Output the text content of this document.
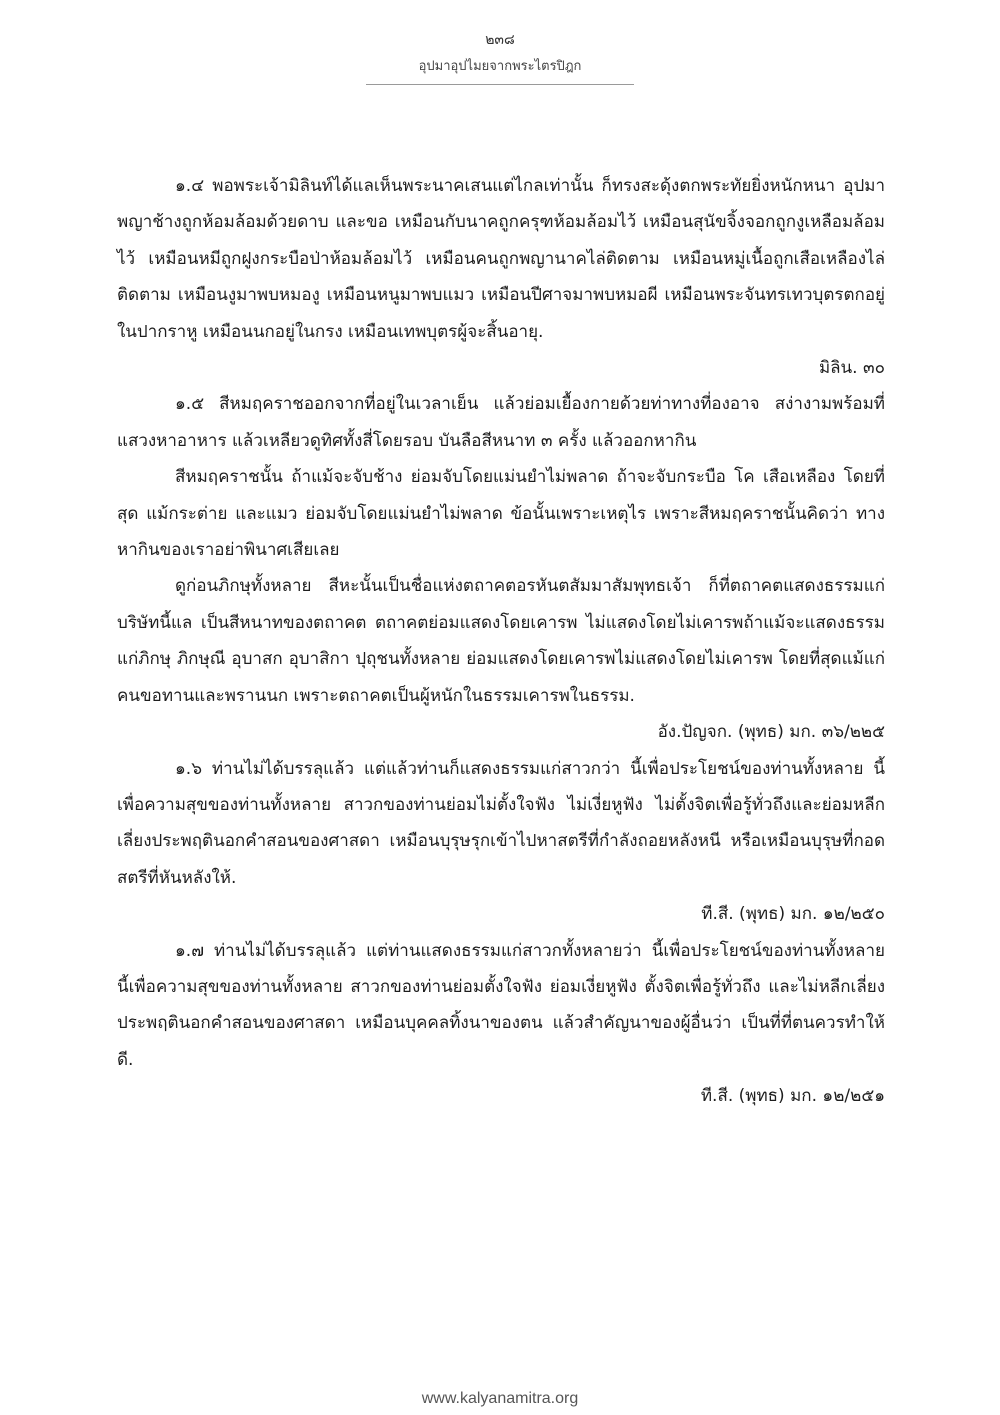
๒๓๘
อุปมาอุปไมยจากพระไตรปิฎก

๑.๔ พอพระเจ้ามิลินท์ได้แลเห็นพระนาคเสนแต่ไกลเท่านั้น ก็ทรงสะดุ้งตกพระทัยยิ่งหนักหนา อุปมาพญาช้างถูกห้อมล้อมด้วยดาบ และขอ เหมือนกับนาคถูกครุฑห้อมล้อมไว้ เหมือนสุนัขจิ้งจอกถูกงูเหลือมล้อมไว้ เหมือนหมีถูกฝูงกระบือป่าห้อมล้อมไว้ เหมือนคนถูกพญานาคไล่ติดตาม เหมือนหมู่เนื้อถูกเสือเหลืองไล่ติดตาม เหมือนงูมาพบหมองู เหมือนหนูมาพบแมว เหมือนปีศาจมาพบหมอผี เหมือนพระจันทรเทวบุตรตกอยู่ในปากราหู เหมือนนกอยู่ในกรง เหมือนเทพบุตรผู้จะสิ้นอายุ.

มิลิน. ๓๐

๑.๕ สีหมฤคราชออกจากที่อยู่ในเวลาเย็น แล้วย่อมเยื้องกายด้วยท่าทางที่องอาจ สง่างามพร้อมที่แสวงหาอาหาร แล้วเหลียวดูทิศทั้งสี่โดยรอบ บันลือสีหนาท ๓ ครั้ง แล้วออกหากิน

สีหมฤคราชนั้น ถ้าแม้จะจับช้าง ย่อมจับโดยแม่นยำไม่พลาด ถ้าจะจับกระบือ โค เสือเหลือง โดยที่สุด แม้กระต่าย และแมว ย่อมจับโดยแม่นยำไม่พลาด ข้อนั้นเพราะเหตุไร เพราะสีหมฤคราชนั้นคิดว่า ทางหากินของเราอย่าพินาศเสียเลย

ดูก่อนภิกษุทั้งหลาย สีหะนั้นเป็นชื่อแห่งตถาคตอรหันตสัมมาสัมพุทธเจ้า ก็ที่ตถาคตแสดงธรรมแก่บริษัทนี้แล เป็นสีหนาทของตถาคต ตถาคตย่อมแสดงโดยเคารพ ไม่แสดงโดยไม่เคารพถ้าแม้จะแสดงธรรมแก่ภิกษุ ภิกษุณี อุบาสก อุบาสิกา ปุถุชนทั้งหลาย ย่อมแสดงโดยเคารพไม่แสดงโดยไม่เคารพ โดยที่สุดแม้แก่คนขอทานและพรานนก เพราะตถาคตเป็นผู้หนักในธรรมเคารพในธรรม.

อัง.ปัญจก. (พุทธ) มก. ๓๖/๒๒๕

๑.๖ ท่านไม่ได้บรรลุแล้ว แต่แล้วท่านก็แสดงธรรมแก่สาวกว่า นี้เพื่อประโยชน์ของท่านทั้งหลาย นี้เพื่อความสุขของท่านทั้งหลาย สาวกของท่านย่อมไม่ตั้งใจฟัง ไม่เงี่ยหูฟัง ไม่ตั้งจิตเพื่อรู้ทั่วถึงและย่อมหลีกเลี่ยงประพฤตินอกคำสอนของศาสดา เหมือนบุรุษรุกเข้าไปหาสตรีที่กำลังถอยหลังหนี หรือเหมือนบุรุษที่กอดสตรีที่หันหลังให้.

ที.สี. (พุทธ) มก. ๑๒/๒๕๐

๑.๗ ท่านไม่ได้บรรลุแล้ว แต่ท่านแสดงธรรมแก่สาวกทั้งหลายว่า นี้เพื่อประโยชน์ของท่านทั้งหลาย นี้เพื่อความสุขของท่านทั้งหลาย สาวกของท่านย่อมตั้งใจฟัง ย่อมเงี่ยหูฟัง ตั้งจิตเพื่อรู้ทั่วถึง และไม่หลีกเลี่ยงประพฤตินอกคำสอนของศาสดา เหมือนบุคคลทิ้งนาของตน แล้วสำคัญนาของผู้อื่นว่า เป็นที่ที่ตนควรทำให้ดี.

ที.สี. (พุทธ) มก. ๑๒/๒๕๑

www.kalyanamitra.org
